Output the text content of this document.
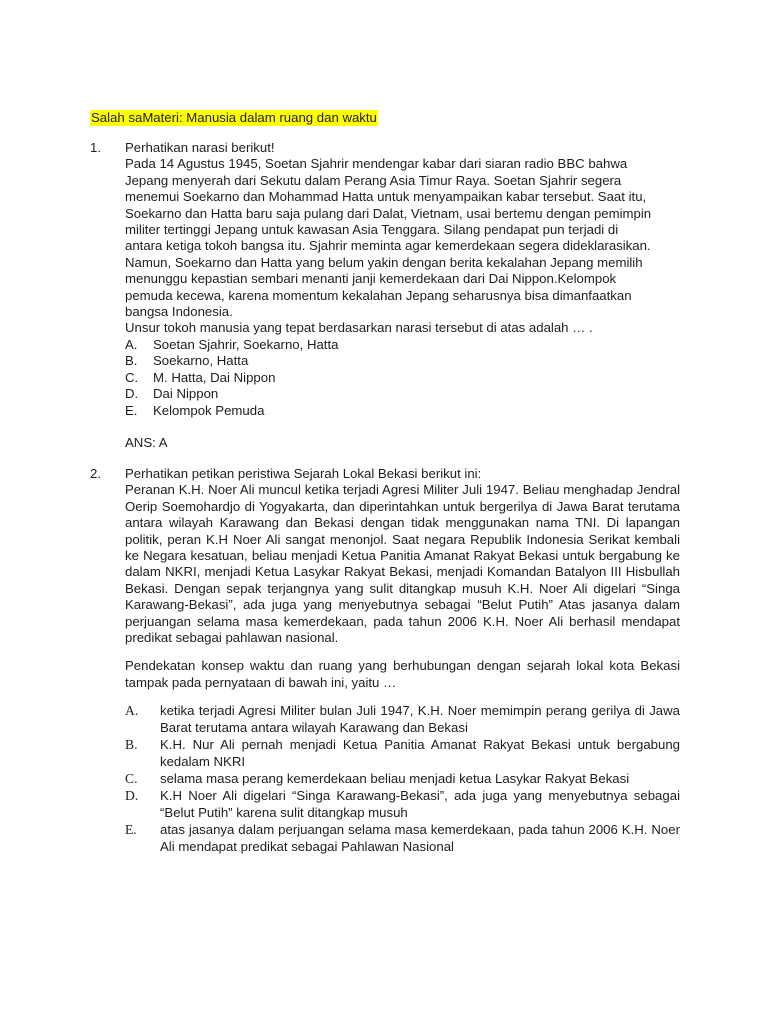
Salah saMateri: Manusia dalam ruang dan waktu
1. Perhatikan narasi berikut!
Pada 14 Agustus 1945, Soetan Sjahrir mendengar kabar dari siaran radio BBC bahwa
Jepang menyerah dari Sekutu dalam Perang Asia Timur Raya. Soetan Sjahrir segera
menemui Soekarno dan Mohammad Hatta untuk menyampaikan kabar tersebut. Saat itu,
Soekarno dan Hatta baru saja pulang dari Dalat, Vietnam, usai bertemu dengan pemimpin
militer tertinggi Jepang untuk kawasan Asia Tenggara. Silang pendapat pun terjadi di
antara ketiga tokoh bangsa itu. Sjahrir meminta agar kemerdekaan segera dideklarasikan.
Namun, Soekarno dan Hatta yang belum yakin dengan berita kekalahan Jepang memilih
menunggu kepastian sembari menanti janji kemerdekaan dari Dai Nippon.Kelompok
pemuda kecewa, karena momentum kekalahan Jepang seharusnya bisa dimanfaatkan
bangsa Indonesia.
Unsur tokoh manusia yang tepat berdasarkan narasi tersebut di atas adalah … .
A.	Soetan Sjahrir, Soekarno, Hatta
B.	Soekarno, Hatta
C.	M. Hatta, Dai Nippon
D.	Dai Nippon
E.	Kelompok Pemuda
ANS: A
2. Perhatikan petikan peristiwa Sejarah Lokal Bekasi berikut ini:
Peranan K.H. Noer Ali muncul ketika terjadi Agresi Militer Juli 1947. Beliau menghadap Jendral Oerip Soemohardjo di Yogyakarta, dan diperintahkan untuk bergerilya di Jawa Barat terutama antara wilayah Karawang dan Bekasi dengan tidak menggunakan nama TNI. Di lapangan politik, peran K.H Noer Ali sangat menonjol. Saat negara Republik Indonesia Serikat kembali ke Negara kesatuan, beliau menjadi Ketua Panitia Amanat Rakyat Bekasi untuk bergabung ke dalam NKRI, menjadi Ketua Lasykar Rakyat Bekasi, menjadi Komandan Batalyon III Hisbullah Bekasi. Dengan sepak terjangnya yang sulit ditangkap musuh K.H. Noer Ali digelari “Singa Karawang-Bekasi”, ada juga yang menyebutnya sebagai “Belut Putih” Atas jasanya dalam perjuangan selama masa kemerdekaan, pada tahun 2006 K.H. Noer Ali berhasil mendapat predikat sebagai pahlawan nasional.
Pendekatan konsep waktu dan ruang yang berhubungan dengan sejarah lokal kota Bekasi tampak pada pernyataan di bawah ini, yaitu …
A.	ketika terjadi Agresi Militer bulan Juli 1947, K.H. Noer memimpin perang gerilya di Jawa Barat terutama antara wilayah Karawang dan Bekasi
B.	K.H. Nur Ali pernah menjadi Ketua Panitia Amanat Rakyat Bekasi untuk bergabung kedalam NKRI
C.	selama masa perang kemerdekaan beliau menjadi ketua Lasykar Rakyat Bekasi
D.	K.H Noer Ali digelari “Singa Karawang-Bekasi”, ada juga yang menyebutnya sebagai “Belut Putih” karena sulit ditangkap musuh
E.	atas jasanya dalam perjuangan selama masa kemerdekaan, pada tahun 2006 K.H. Noer Ali mendapat predikat sebagai Pahlawan Nasional
